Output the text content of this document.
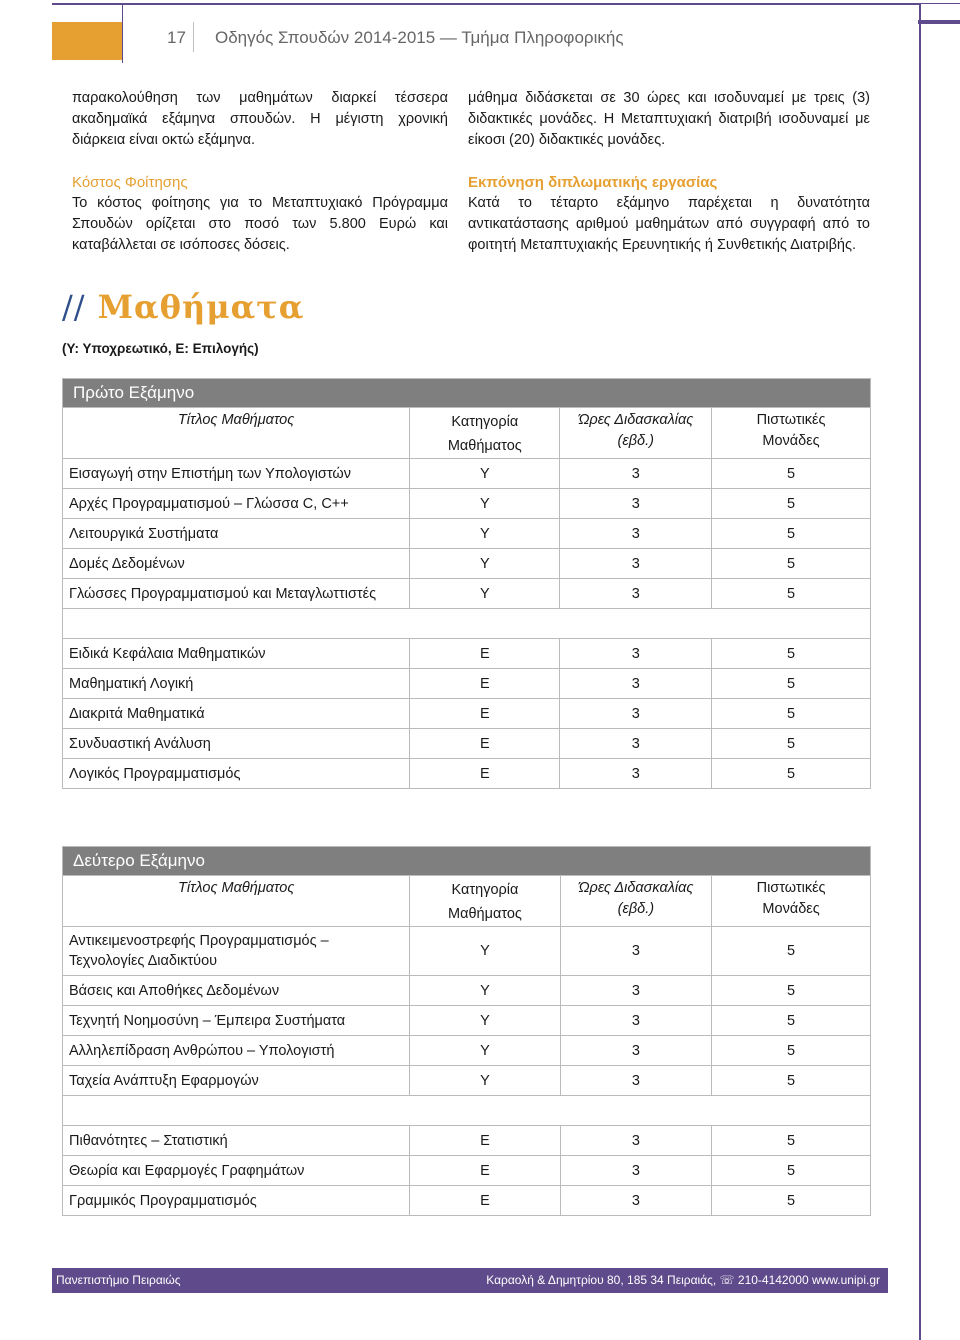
17 Οδηγός Σπουδών 2014-2015 — Τμήμα Πληροφορικής

παρακολούθηση των μαθημάτων διαρκεί τέσσερα ακαδημαϊκά εξάμηνα σπουδών. Η μέγιστη χρονική διάρκεια είναι οκτώ εξάμηνα.

Κόστος Φοίτησης

Το κόστος φοίτησης για το Μεταπτυχιακό Πρόγραμμα Σπουδών ορίζεται στο ποσό των 5.800 Ευρώ και καταβάλλεται σε ισόποσες δόσεις.

μάθημα διδάσκεται σε 30 ώρες και ισοδυναμεί με τρεις (3) διδακτικές μονάδες. Η Μεταπτυχιακή διατριβή ισοδυναμεί με είκοσι (20) διδακτικές μονάδες.

Εκπόνηση διπλωματικής εργασίας

Κατά το τέταρτο εξάμηνο παρέχεται η δυνατότητα αντικατάστασης αριθμού μαθημάτων από συγγραφή από το φοιτητή Μεταπτυχιακής Ερευνητικής ή Συνθετικής Διατριβής.

// Μαθήματα
(Υ: Υποχρεωτικό, Ε: Επιλογής)
Πρώτο Εξάμηνο			
Τίτλος Μαθήματος	Κατηγορία Μαθήματος	Ώρες Διδασκαλίας (εβδ.)	Πιστωτικές Μονάδες

Εισαγωγή στην Επιστήμη των Υπολογιστών	Υ	3	5
Αρχές Προγραμματισμού – Γλώσσα C, C++	Υ	3	5
Λειτουργικά Συστήματα	Υ	3	5
Δομές Δεδομένων	Υ	3	5
Γλώσσες Προγραμματισμού και Μεταγλωττιστές	Υ	3	5

Ειδικά Κεφάλαια Μαθηματικών	Ε	3	5
Μαθηματική Λογική	Ε	3	5
Διακριτά Μαθηματικά	Ε	3	5
Συνδυαστική Ανάλυση	Ε	3	5
Λογικός Προγραμματισμός	Ε	3	5
Δεύτερο Εξάμηνο			
Τίτλος Μαθήματος	Κατηγορία Μαθήματος	Ώρες Διδασκαλίας (εβδ.)	Πιστωτικές Μονάδες

Αντικειμενοστρεφής Προγραμματισμός – Τεχνολογίες Διαδικτύου	Υ	3	5
Βάσεις και Αποθήκες Δεδομένων	Υ	3	5
Τεχνητή Νοημοσύνη – Έμπειρα Συστήματα	Υ	3	5
Αλληλεπίδραση Ανθρώπου – Υπολογιστή	Υ	3	5
Ταχεία Ανάπτυξη Εφαρμογών	Υ	3	5

Πιθανότητες – Στατιστική	Ε	3	5
Θεωρία και Εφαρμογές Γραφημάτων	Ε	3	5
Γραμμικός Προγραμματισμός	Ε	3	5
Πανεπιστήμιο Πειραιώς	Καραολή & Δημητρίου 80, 185 34 Πειραιάς, ☏ 210-4142000 www.unipi.gr
